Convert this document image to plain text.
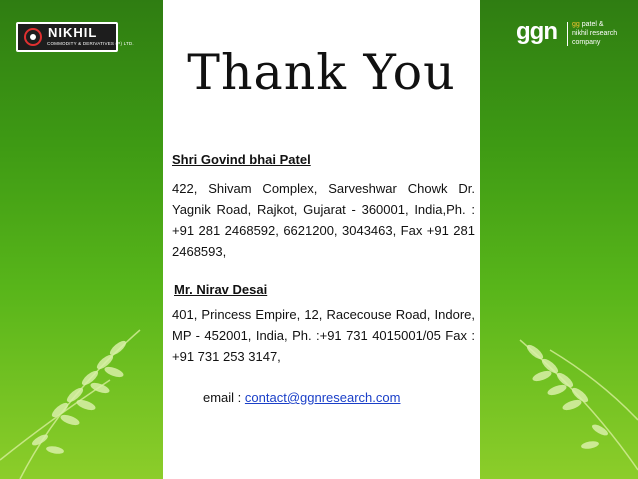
NIKHIL
COMMODITY & DERIVATIVES (P) LTD.
Thank You
Shri Govind bhai Patel
422, Shivam Complex, Sarveshwar Chowk Dr. Yagnik Road, Rajkot, Gujarat - 360001, India,Ph. : +91 281 2468592, 6621200, 3043463, Fax +91 281 2468593,
Mr. Nirav Desai
401, Princess Empire, 12, Racecouse Road, Indore, MP - 452001, India, Ph. :+91 731 4015001/05 Fax : +91 731 253 3147,
email : contact@ggnresearch.com
ggn gg patel &
nikhil research
company
